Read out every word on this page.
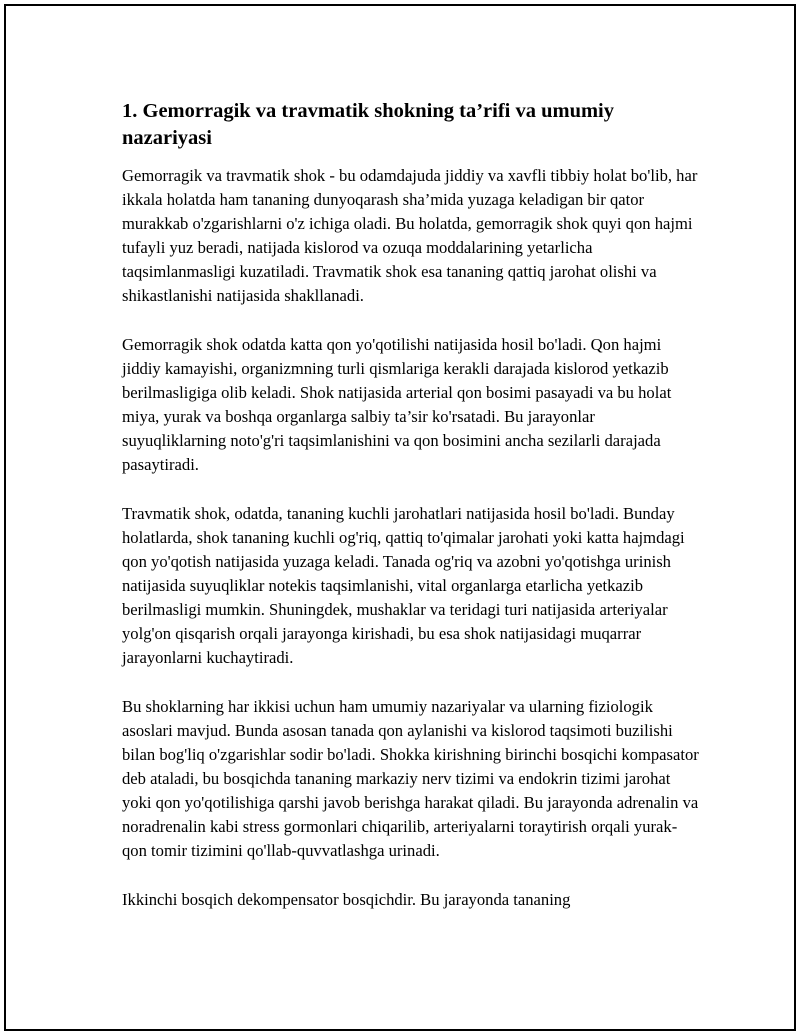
1. Gemorragik va travmatik shokning ta’rifi va umumiy nazariyasi

Gemorragik va travmatik shok - bu odamdajuda jiddiy va xavfli tibbiy holat bo'lib, har ikkala holatda ham tananing dunyoqarash sha’mida yuzaga keladigan bir qator murakkab o'zgarishlarni o'z ichiga oladi. Bu holatda, gemorragik shok quyi qon hajmi tufayli yuz beradi, natijada kislorod va ozuqa moddalarining yetarlicha taqsimlanmasligi kuzatiladi. Travmatik shok esa tananing qattiq jarohat olishi va shikastlanishi natijasida shakllanadi.

Gemorragik shok odatda katta qon yo'qotilishi natijasida hosil bo'ladi. Qon hajmi jiddiy kamayishi, organizmning turli qismlariga kerakli darajada kislorod yetkazib berilmasligiga olib keladi. Shok natijasida arterial qon bosimi pasayadi va bu holat miya, yurak va boshqa organlarga salbiy ta’sir ko'rsatadi. Bu jarayonlar suyuqliklarning noto'g'ri taqsimlanishini va qon bosimini ancha sezilarli darajada pasaytiradi.

Travmatik shok, odatda, tananing kuchli jarohatlari natijasida hosil bo'ladi. Bunday holatlarda, shok tananing kuchli og'riq, qattiq to'qimalar jarohati yoki katta hajmdagi qon yo'qotish natijasida yuzaga keladi. Tanada og'riq va azobni yo'qotishga urinish natijasida suyuqliklar notekis taqsimlanishi, vital organlarga etarlicha yetkazib berilmasligi mumkin. Shuningdek, mushaklar va teridagi turi natijasida arteriyalar yolg'on qisqarish orqali jarayonga kirishadi, bu esa shok natijasidagi muqarrar jarayonlarni kuchaytiradi.

Bu shoklarning har ikkisi uchun ham umumiy nazariyalar va ularning fiziologik asoslari mavjud. Bunda asosan tanada qon aylanishi va kislorod taqsimoti buzilishi bilan bog'liq o'zgarishlar sodir bo'ladi. Shokka kirishning birinchi bosqichi kompasator deb ataladi, bu bosqichda tananing markaziy nerv tizimi va endokrin tizimi jarohat yoki qon yo'qotilishiga qarshi javob berishga harakat qiladi. Bu jarayonda adrenalin va noradrenalin kabi stress gormonlari chiqarilib, arteriyalarni toraytirish orqali yurak-qon tomir tizimini qo'llab-quvvatlashga urinadi.

Ikkinchi bosqich dekompensator bosqichdir. Bu jarayonda tananing
